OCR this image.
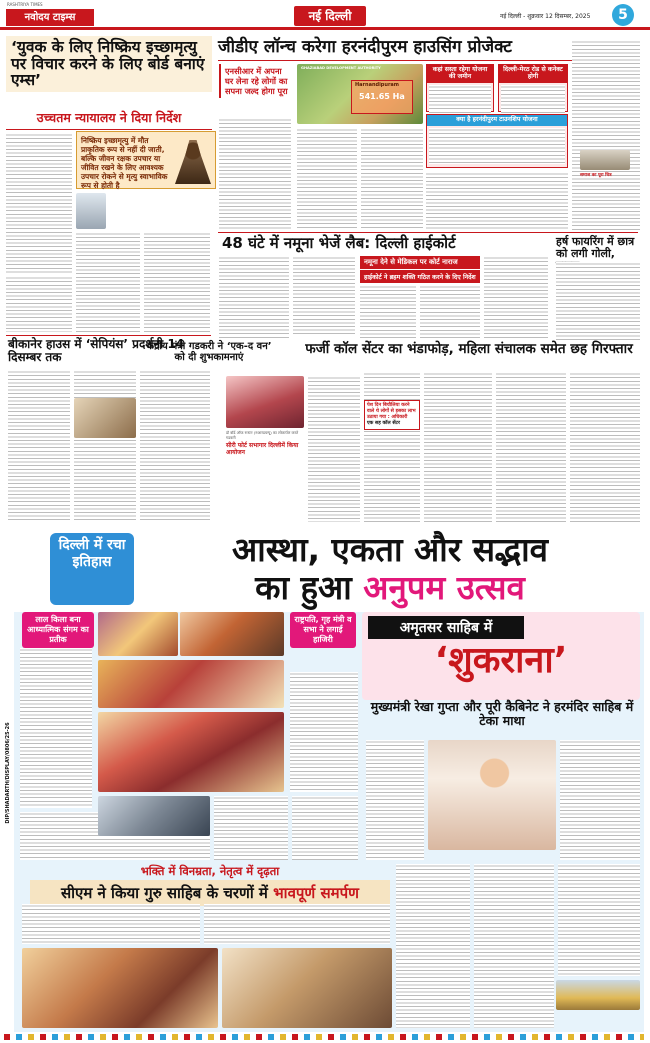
RASHTRIYA TIMES
नवोदय टाइम्स	नई दिल्ली	नई दिल्ली - शुक्रवार 12 दिसम्बर, 2025	5
‘युवक के लिए निष्क्रिय इच्छामृत्यु पर विचार करने के लिए बोर्ड बनाएं एम्स’
उच्चतम न्यायालय ने दिया निर्देश
निष्क्रिय इच्छामृत्यु में मौत प्राकृतिक रूप से नहीं दी जाती, बल्कि जीवन रक्षक उपचार या जीवित रखने के लिए आवश्यक उपचार रोकने से मृत्यु स्वाभाविक रूप से होती है
जीडीए लॉन्च करेगा हरनंदीपुरम हाउसिंग प्रोजेक्ट
एनसीआर में अपना घर लेना रहे लोगों का सपना जल्द होगा पूरा
GHAZIABAD DEVELOPMENT AUTHORITY
Harnandipuram
541.65 Ha
कहां सस्ता रहेगा योजना की जमीन
दिल्ली-मेरठ रोड से कनेक्ट होगी
क्या है हरनंदीपुरम टाउनशिप योजना
समाज का पूरा चित्र
48 घंटे में नमूना भेजें लैब: दिल्ली हाईकोर्ट
नमूना देने से मेडिकल पर कोर्ट नाराज
हाईकोर्ट ने ब्रहम शक्ति गठित करने के दिए निर्देश
हर्ष फायरिंग में छात्र को लगी गोली,
बीकानेर हाउस में ‘सेपियंस’ प्रदर्शनी 14 दिसम्बर तक
केंद्रीय मंत्री गडकरी ने ‘एक-द वन’ को दी शुभकामनाएं
डॉ बॉर्ड ऑफ रूस्टर (रुआरडब्ल्यू) का लोकार्पण करते गडकरी
सीरी फोर्ट सभागार दिल्लीमें किया आयोजन
फर्जी कॉल सेंटर का भंडाफोड़, महिला संचालक समेत छह गिरफ्तार
पेश दिन बिचौलिया करने वाले थे लोगों से इसका लाभ उठाया गया : अधिकारी
एक सह कॉल सेंटर
दिल्ली में रचा इतिहास	आस्था, एकता और सद्भाव
का हुआ अनुपम उत्सव
लाल किला बना आध्यात्मिक संगम का प्रतीक
राष्ट्रपति, गृह मंत्री व सभा ने लगाई हाजिरी
अमृतसर साहिब में
‘शुकराना’
मुख्यमंत्री रेखा गुप्ता और पूरी कैबिनेट ने हरमंदिर साहिब में टेका माथा
भक्ति में विनम्रता, नेतृत्व में दृढ़ता
सीएम ने किया गुरु साहिब के चरणों में भावपूर्ण समर्पण
DIP/SHADARTH/DISPLAY/0806/25-26
